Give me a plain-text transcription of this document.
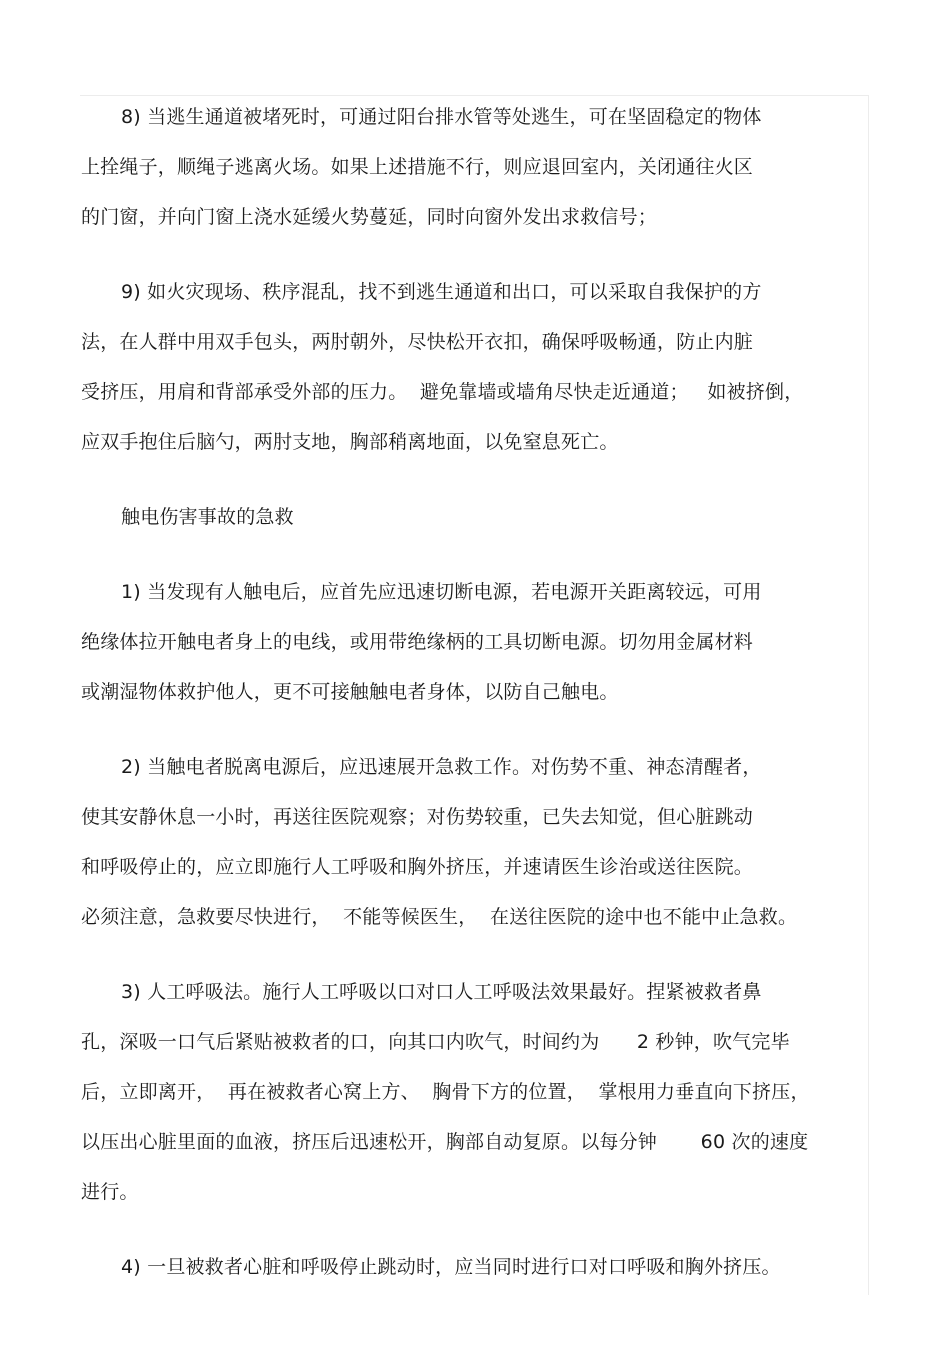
8) 当逃生通道被堵死时，可通过阳台排水管等处逃生，可在坚固稳定的物体
上拴绳子，顺绳子逃离火场。如果上述措施不行，则应退回室内，关闭通往火区
的门窗，并向门窗上浇水延缓火势蔓延，同时向窗外发出求救信号；
9) 如火灾现场、秩序混乱，找不到逃生通道和出口，可以采取自我保护的方
法，在人群中用双手包头，两肘朝外，尽快松开衣扣，确保呼吸畅通，防止内脏
受挤压，用肩和背部承受外部的压力。  避免靠墙或墙角尽快走近通道；   如被挤倒，
应双手抱住后脑勺，两肘支地，胸部稍离地面，以免窒息死亡。
触电伤害事故的急救
1) 当发现有人触电后，应首先应迅速切断电源，若电源开关距离较远，可用
绝缘体拉开触电者身上的电线，或用带绝缘柄的工具切断电源。切勿用金属材料
或潮湿物体救护他人，更不可接触触电者身体，以防自己触电。
2) 当触电者脱离电源后，应迅速展开急救工作。对伤势不重、神态清醒者，
使其安静休息一小时，再送往医院观察；对伤势较重，已失去知觉，但心脏跳动
和呼吸停止的，应立即施行人工呼吸和胸外挤压，并速请医生诊治或送往医院。
必须注意，急救要尽快进行，  不能等候医生，  在送往医院的途中也不能中止急救。
3) 人工呼吸法。施行人工呼吸以口对口人工呼吸法效果最好。捏紧被救者鼻
孔，深吸一口气后紧贴被救者的口，向其口内吹气，时间约为      2 秒钟，吹气完毕
后，立即离开，  再在被救者心窝上方、  胸骨下方的位置，  掌根用力垂直向下挤压，
以压出心脏里面的血液，挤压后迅速松开，胸部自动复原。以每分钟       60 次的速度
进行。
4) 一旦被救者心脏和呼吸停止跳动时，应当同时进行口对口呼吸和胸外挤压。
